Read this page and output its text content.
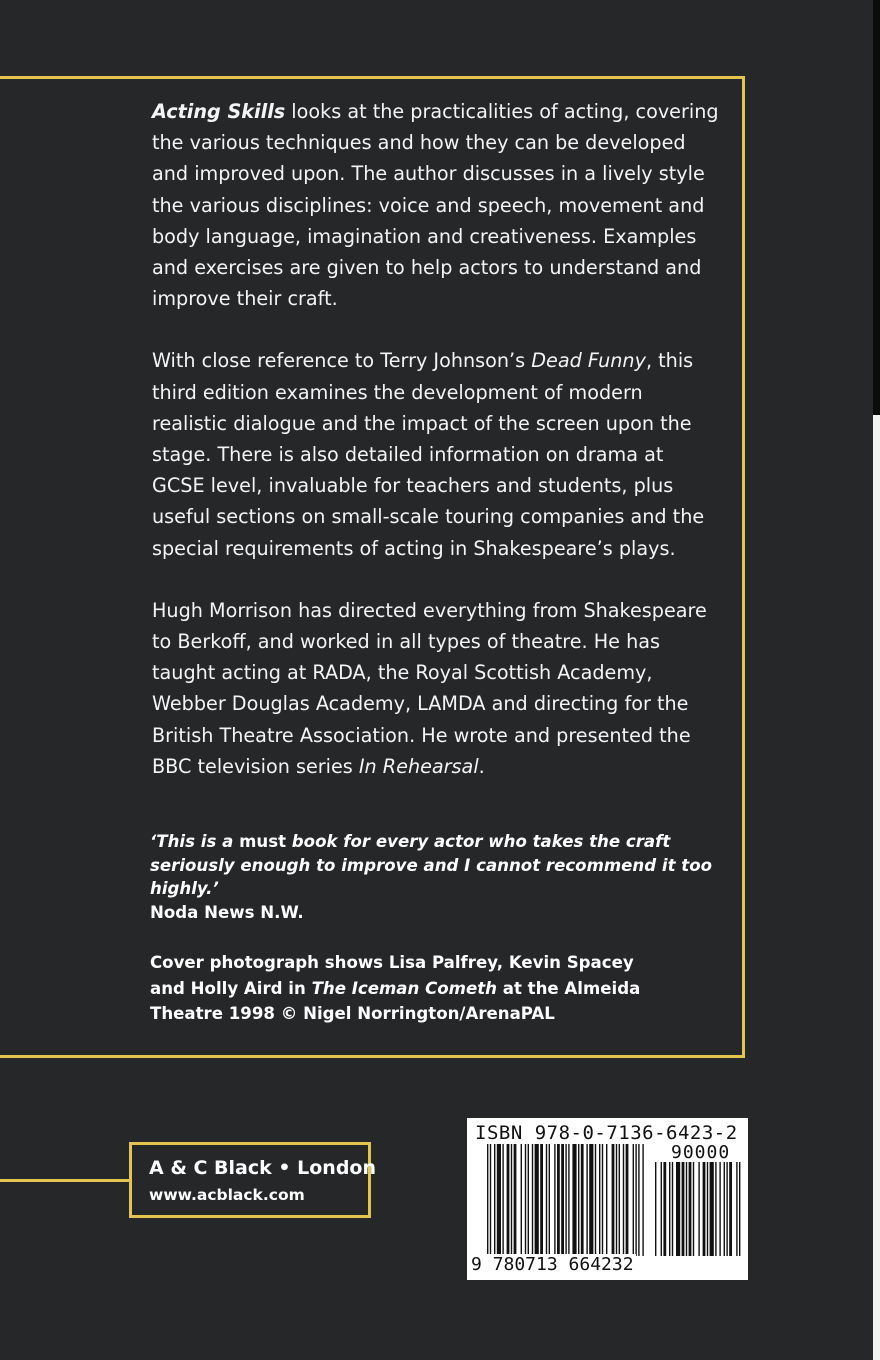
Acting Skills looks at the practicalities of acting, covering the various techniques and how they can be developed and improved upon. The author discusses in a lively style the various disciplines: voice and speech, movement and body language, imagination and creativeness. Examples and exercises are given to help actors to understand and improve their craft.

With close reference to Terry Johnson’s Dead Funny, this third edition examines the development of modern realistic dialogue and the impact of the screen upon the stage. There is also detailed information on drama at GCSE level, invaluable for teachers and students, plus useful sections on small-scale touring companies and the special requirements of acting in Shakespeare’s plays.

Hugh Morrison has directed everything from Shakespeare to Berkoff, and worked in all types of theatre. He has taught acting at RADA, the Royal Scottish Academy, Webber Douglas Academy, LAMDA and directing for the British Theatre Association. He wrote and presented the BBC television series In Rehearsal.

‘This is a must book for every actor who takes the craft seriously enough to improve and I cannot recommend it too highly.’
Noda News N.W.
Cover photograph shows Lisa Palfrey, Kevin Spacey and Holly Aird in The Iceman Cometh at the Almeida Theatre 1998 © Nigel Norrington/ArenaPAL
A & C Black • London
www.acblack.com
ISBN 978-0-7136-6423-2
90000
9 780713 664232
